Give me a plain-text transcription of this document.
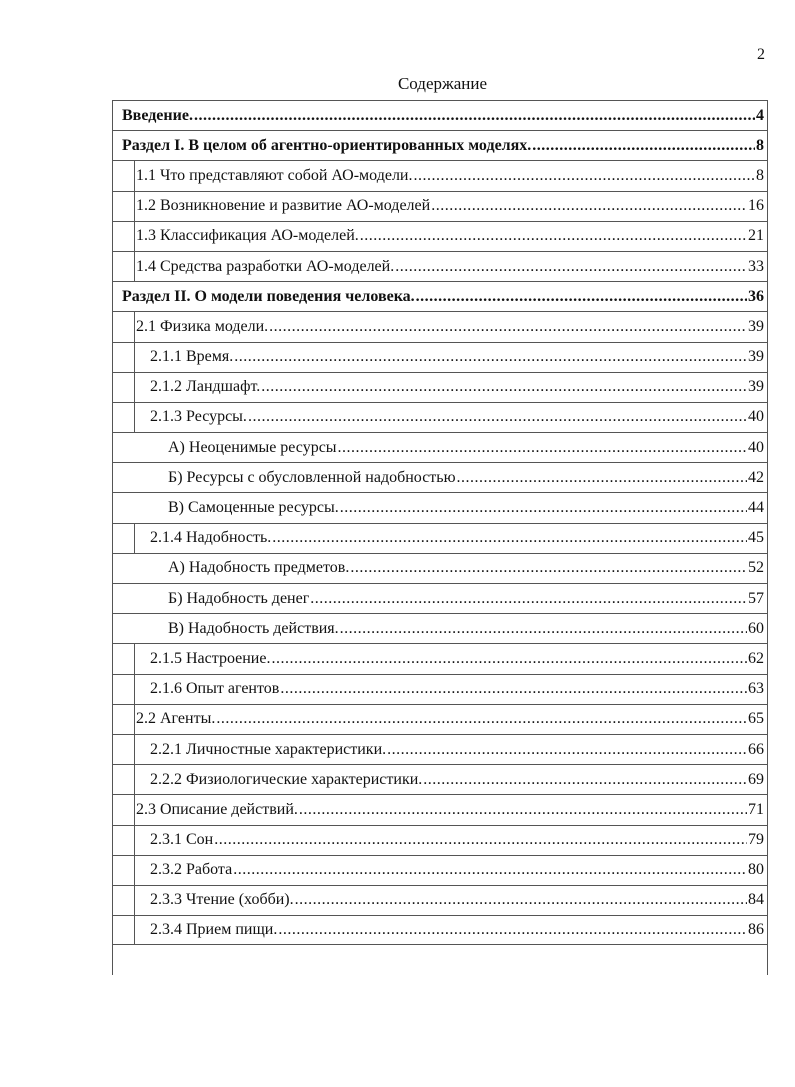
2
Содержание
Введение. .....	4
Раздел I. В целом об агентно-ориентированных моделях. .....	8
1.1 Что представляют собой АО-модели. .....	8
1.2 Возникновение и развитие АО-моделей .....	16
1.3 Классификация АО-моделей. .....	21
1.4 Средства разработки АО-моделей. .....	33
Раздел II. О модели поведения человека. .....	36
2.1 Физика модели. .....	39
2.1.1 Время. .....	39
2.1.2 Ландшафт. .....	39
2.1.3 Ресурсы. .....	40
А) Неоценимые ресурсы .....	40
Б) Ресурсы с обусловленной надобностью .....	42
В) Самоценные ресурсы. .....	44
2.1.4 Надобность. .....	45
А) Надобность предметов. .....	52
Б) Надобность денег .....	57
В) Надобность действия. .....	60
2.1.5 Настроение. .....	62
2.1.6 Опыт агентов .....	63
2.2 Агенты. .....	65
2.2.1 Личностные характеристики. .....	66
2.2.2 Физиологические характеристики. .....	69
2.3 Описание действий. .....	71
2.3.1 Сон .....	79
2.3.2 Работа .....	80
2.3.3 Чтение (хобби). .....	84
2.3.4 Прием пищи. .....	86
